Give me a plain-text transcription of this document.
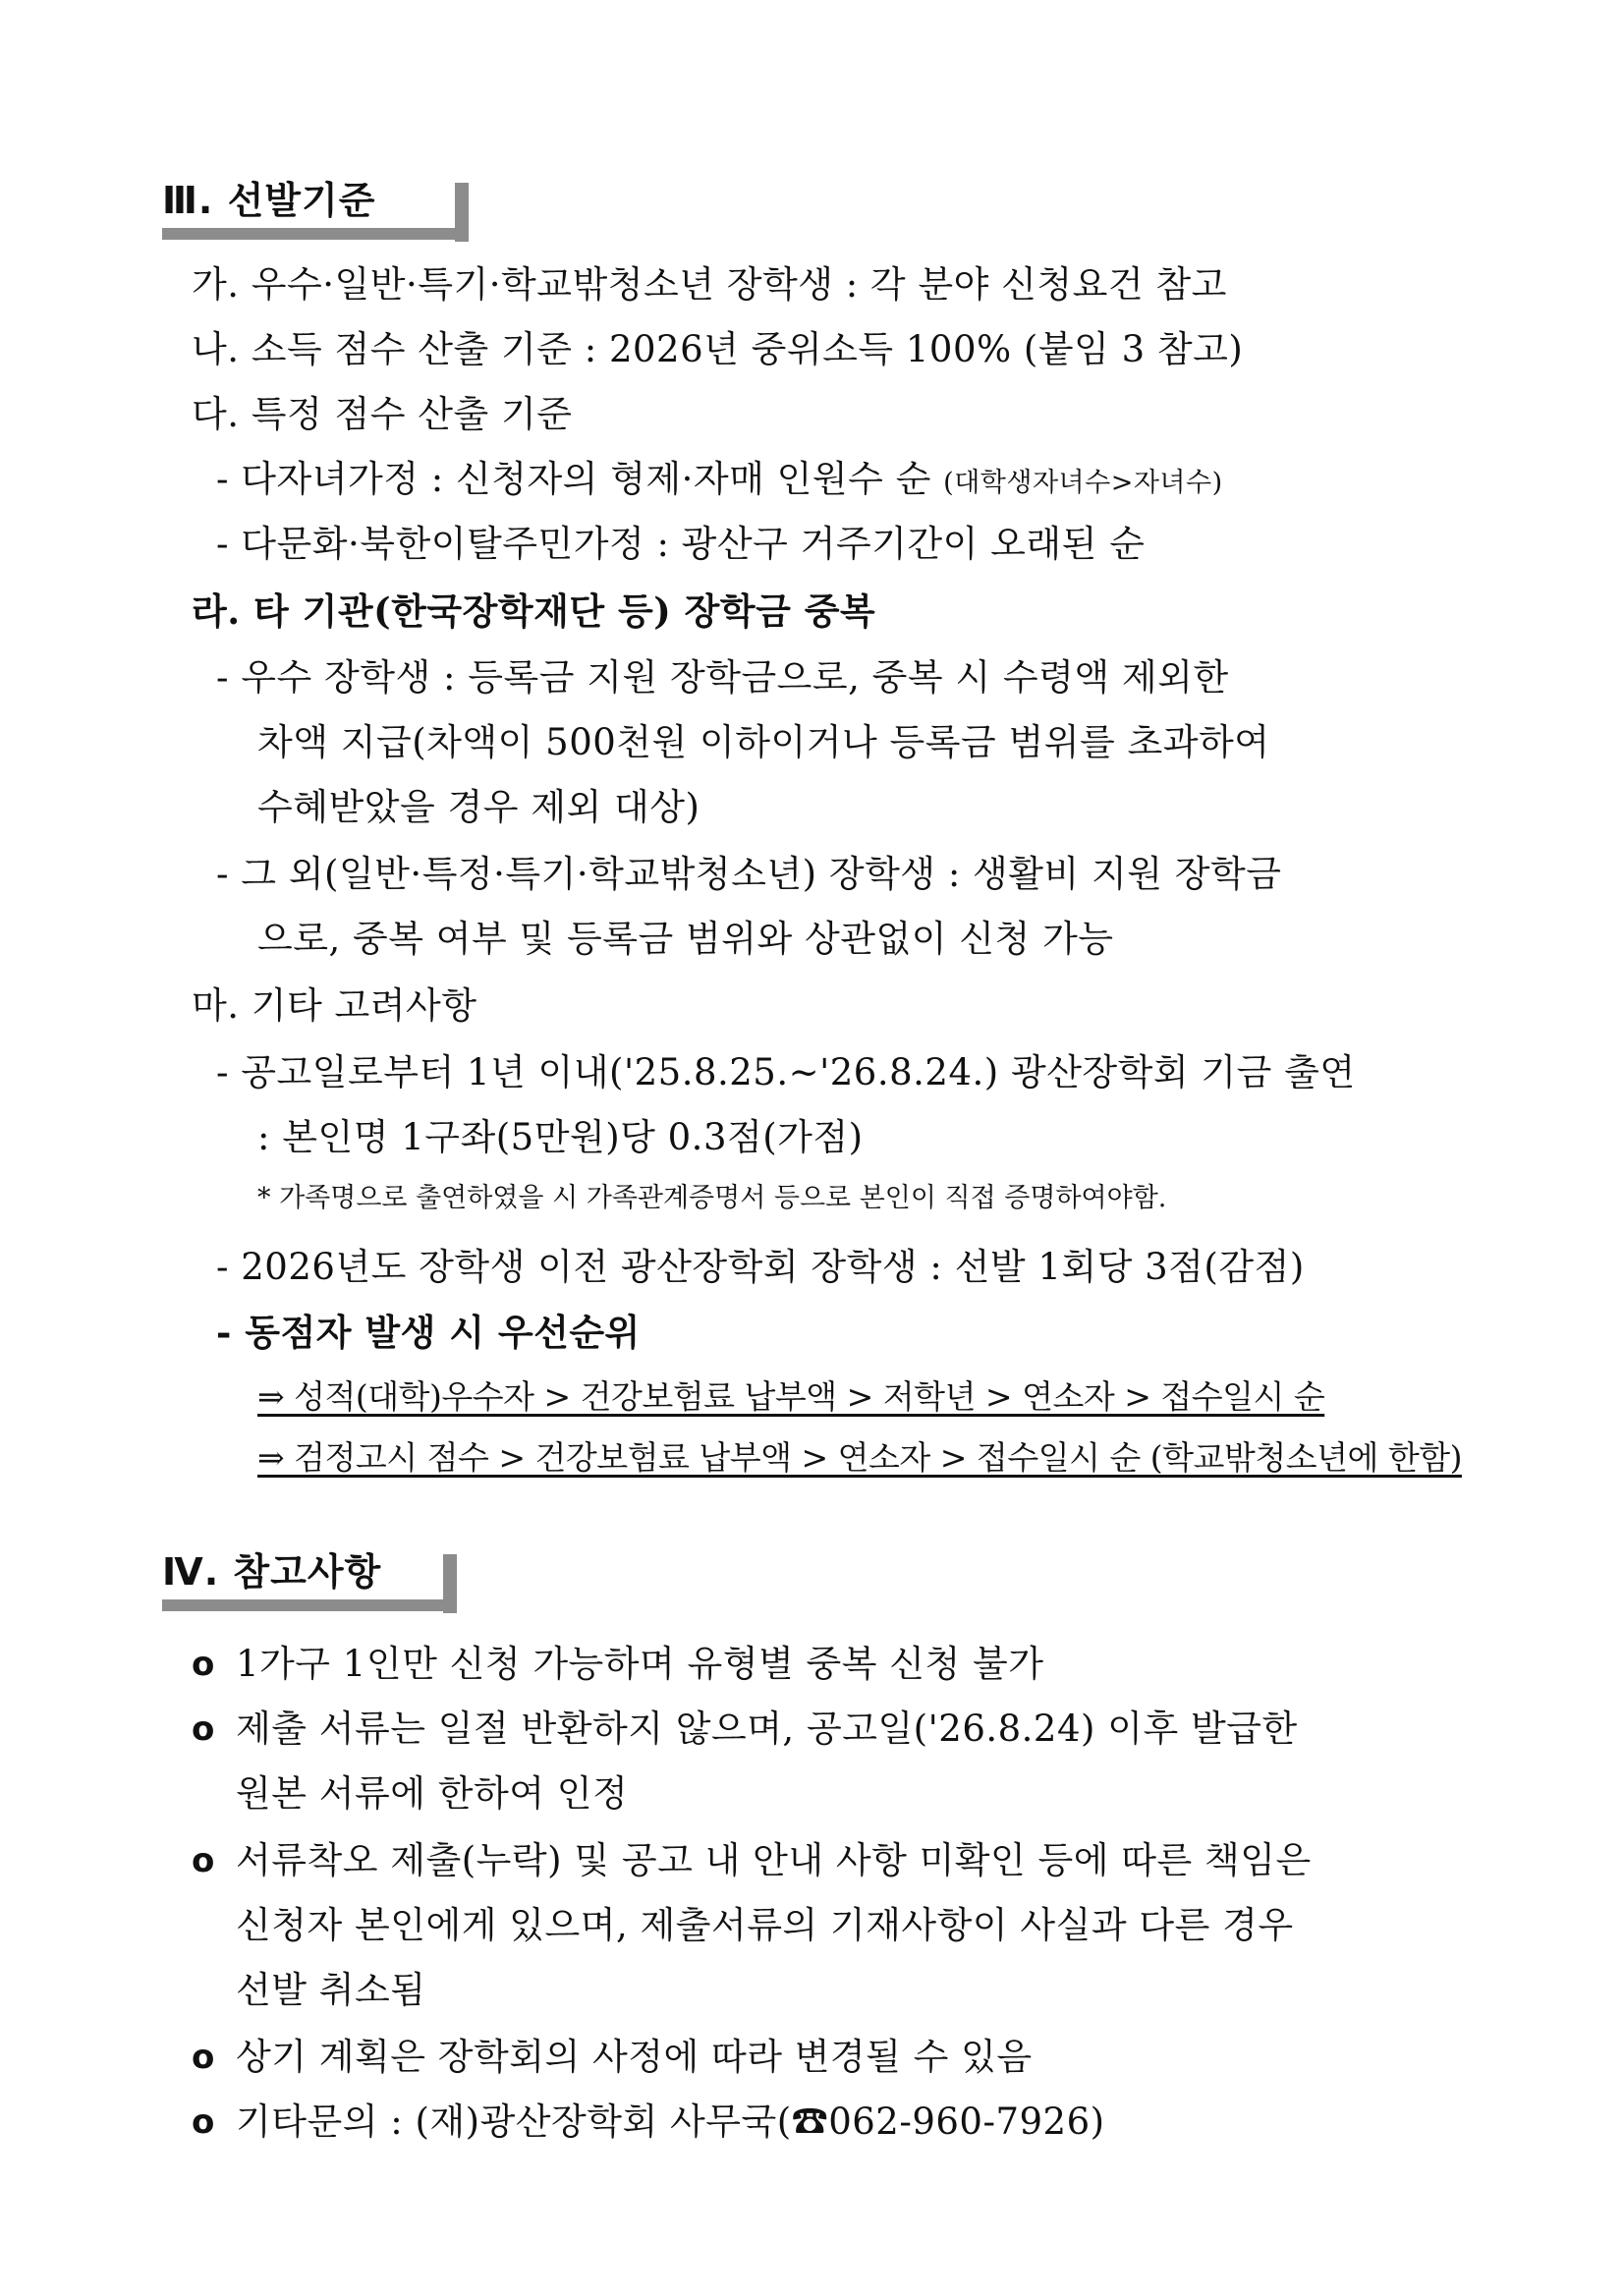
Ⅲ. 선발기준
가. 우수·일반·특기·학교밖청소년 장학생 : 각 분야 신청요건 참고
나. 소득 점수 산출 기준 : 2026년 중위소득 100% (붙임 3 참고)
다. 특정 점수 산출 기준
- 다자녀가정 : 신청자의 형제·자매 인원수 순 (대학생자녀수>자녀수)
- 다문화·북한이탈주민가정 : 광산구 거주기간이 오래된 순
라. 타 기관(한국장학재단 등) 장학금 중복
- 우수 장학생 : 등록금 지원 장학금으로, 중복 시 수령액 제외한
차액 지급(차액이 500천원 이하이거나 등록금 범위를 초과하여
수혜받았을 경우 제외 대상)
- 그 외(일반·특정·특기·학교밖청소년) 장학생 : 생활비 지원 장학금
으로, 중복 여부 및 등록금 범위와 상관없이 신청 가능
마. 기타 고려사항
- 공고일로부터 1년 이내('25.8.25.~'26.8.24.) 광산장학회 기금 출연
: 본인명 1구좌(5만원)당 0.3점(가점)
* 가족명으로 출연하였을 시 가족관계증명서 등으로 본인이 직접 증명하여야함.
- 2026년도 장학생 이전 광산장학회 장학생 : 선발 1회당 3점(감점)
- 동점자 발생 시 우선순위
⇒ 성적(대학)우수자 > 건강보험료 납부액 > 저학년 > 연소자 > 접수일시 순
⇒ 검정고시 점수 > 건강보험료 납부액 > 연소자 > 접수일시 순 (학교밖청소년에 한함)
Ⅳ. 참고사항
o 1가구 1인만 신청 가능하며 유형별 중복 신청 불가
o 제출 서류는 일절 반환하지 않으며, 공고일('26.8.24) 이후 발급한
원본 서류에 한하여 인정
o 서류착오 제출(누락) 및 공고 내 안내 사항 미확인 등에 따른 책임은
신청자 본인에게 있으며, 제출서류의 기재사항이 사실과 다른 경우
선발 취소됨
o 상기 계획은 장학회의 사정에 따라 변경될 수 있음
o 기타문의 : (재)광산장학회 사무국(☎062-960-7926)
